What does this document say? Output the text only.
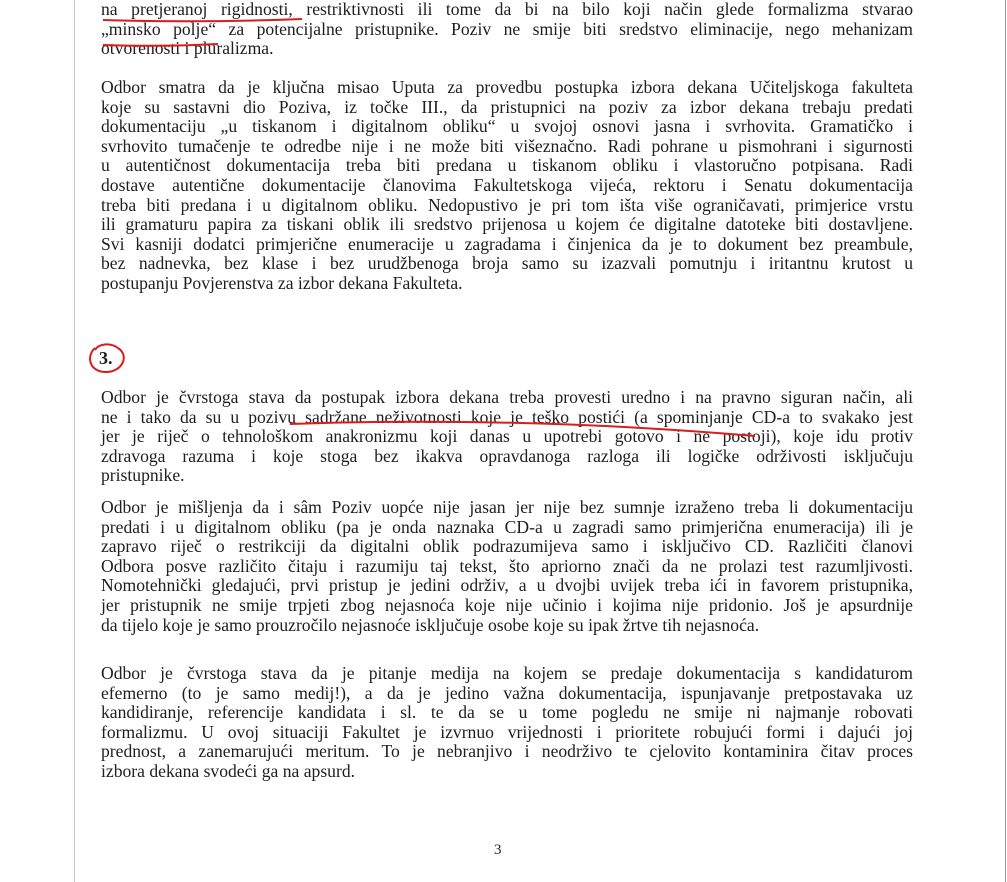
na pretjeranoj rigidnosti, restriktivnosti ili tome da bi na bilo koji način glede formalizma stvarao
„minsko polje“ za potencijalne pristupnike. Poziv ne smije biti sredstvo eliminacije, nego mehanizam
otvorenosti i pluralizma.
Odbor smatra da je ključna misao Uputa za provedbu postupka izbora dekana Učiteljskoga fakulteta
koje su sastavni dio Poziva, iz točke III., da pristupnici na poziv za izbor dekana trebaju predati
dokumentaciju „u tiskanom i digitalnom obliku“ u svojoj osnovi jasna i svrhovita. Gramatičko i
svrhovito tumačenje te odredbe nije i ne može biti višeznačno. Radi pohrane u pismohrani i sigurnosti
u autentičnost dokumentacija treba biti predana u tiskanom obliku i vlastoručno potpisana. Radi
dostave autentične dokumentacije članovima Fakultetskoga vijeća, rektoru i Senatu dokumentacija
treba biti predana i u digitalnom obliku. Nedopustivo je pri tom išta više ograničavati, primjerice vrstu
ili gramaturu papira za tiskani oblik ili sredstvo prijenosa u kojem će digitalne datoteke biti dostavljene.
Svi kasniji dodatci primjerične enumeracije u zagradama i činjenica da je to dokument bez preambule,
bez nadnevka, bez klase i bez urudžbenoga broja samo su izazvali pomutnju i iritantnu krutost u
postupanju Povjerenstva za izbor dekana Fakulteta.
3.
Odbor je čvrstoga stava da postupak izbora dekana treba provesti uredno i na pravno siguran način, ali
ne i tako da su u pozivu sadržane neživotnosti koje je teško postići (a spominjanje CD-a to svakako jest
jer je riječ o tehnološkom anakronizmu koji danas u upotrebi gotovo i ne postoji), koje idu protiv
zdravoga razuma i koje stoga bez ikakva opravdanoga razloga ili logičke održivosti isključuju
pristupnike.
Odbor je mišljenja da i sâm Poziv uopće nije jasan jer nije bez sumnje izraženo treba li dokumentaciju
predati i u digitalnom obliku (pa je onda naznaka CD-a u zagradi samo primjerična enumeracija) ili je
zapravo riječ o restrikciji da digitalni oblik podrazumijeva samo i isključivo CD. Različiti članovi
Odbora posve različito čitaju i razumiju taj tekst, što apriorno znači da ne prolazi test razumljivosti.
Nomotehnički gledajući, prvi pristup je jedini održiv, a u dvojbi uvijek treba ići in favorem pristupnika,
jer pristupnik ne smije trpjeti zbog nejasnoća koje nije učinio i kojima nije pridonio. Još je apsurdnije
da tijelo koje je samo prouzročilo nejasnoće isključuje osobe koje su ipak žrtve tih nejasnoća.
Odbor je čvrstoga stava da je pitanje medija na kojem se predaje dokumentacija s kandidaturom
efemerno (to je samo medij!), a da je jedino važna dokumentacija, ispunjavanje pretpostavaka uz
kandidiranje, referencije kandidata i sl. te da se u tome pogledu ne smije ni najmanje robovati
formalizmu. U ovoj situaciji Fakultet je izvrnuo vrijednosti i prioritete robujući formi i dajući joj
prednost, a zanemarujući meritum. To je nebranjivo i neodrživo te cjelovito kontaminira čitav proces
izbora dekana svodeći ga na apsurd.
3
